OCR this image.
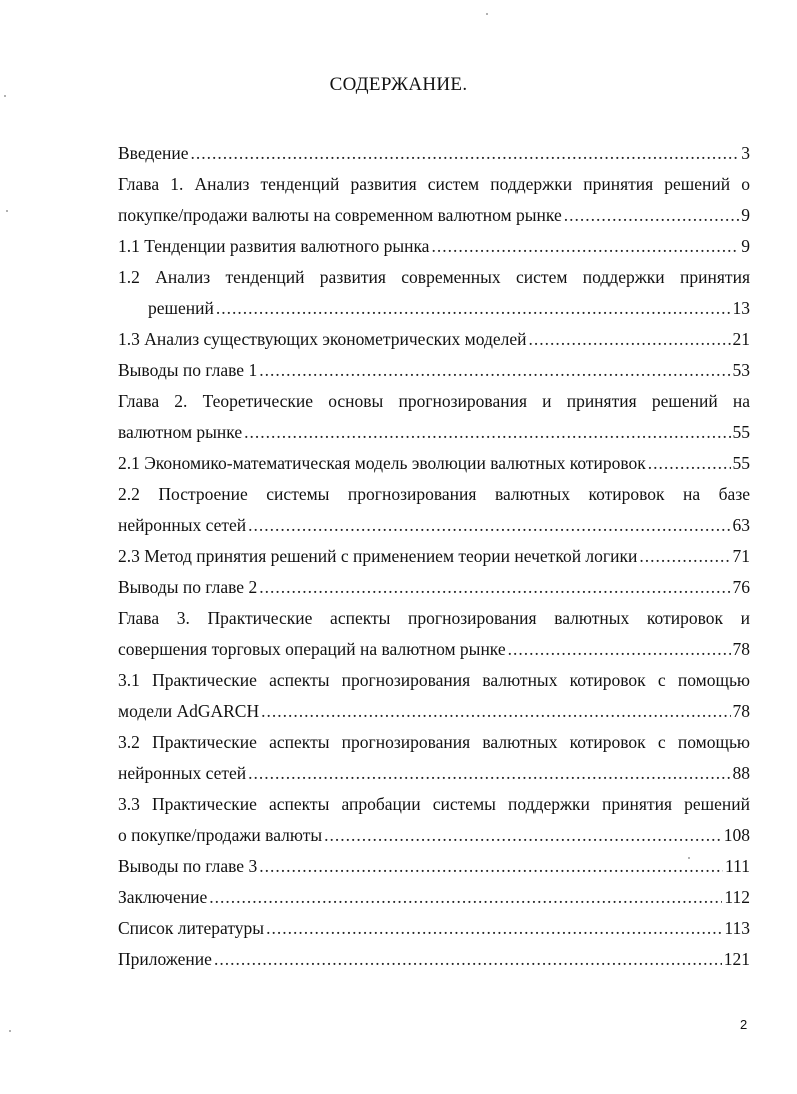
СОДЕРЖАНИЕ.
Введение .....	3
Глава 1. Анализ тенденций развития систем поддержки принятия решений о
покупке/продажи валюты на современном валютном рынке .....	9
1.1 Тенденции развития валютного рынка .....	9
1.2 Анализ тенденций развития современных систем поддержки принятия
решений .....	13
1.3 Анализ существующих эконометрических моделей .....	21
Выводы по главе 1 .....	53
Глава 2. Теоретические основы прогнозирования и принятия решений на
валютном рынке .....	55
2.1 Экономико-математическая модель эволюции валютных котировок .....	55
2.2 Построение системы прогнозирования валютных котировок на базе
нейронных сетей .....	63
2.3 Метод принятия решений с применением теории нечеткой логики .....	71
Выводы по главе 2 .....	76
Глава 3. Практические аспекты прогнозирования валютных котировок и
совершения торговых операций на валютном рынке .....	78
3.1 Практические аспекты прогнозирования валютных котировок с помощью
модели AdGARCH .....	78
3.2 Практические аспекты прогнозирования валютных котировок с помощью
нейронных сетей .....	88
3.3 Практические аспекты апробации системы поддержки принятия решений
о покупке/продажи валюты .....	108
Выводы по главе 3 .....	111
Заключение .....	112
Список литературы .....	113
Приложение .....	121
2
